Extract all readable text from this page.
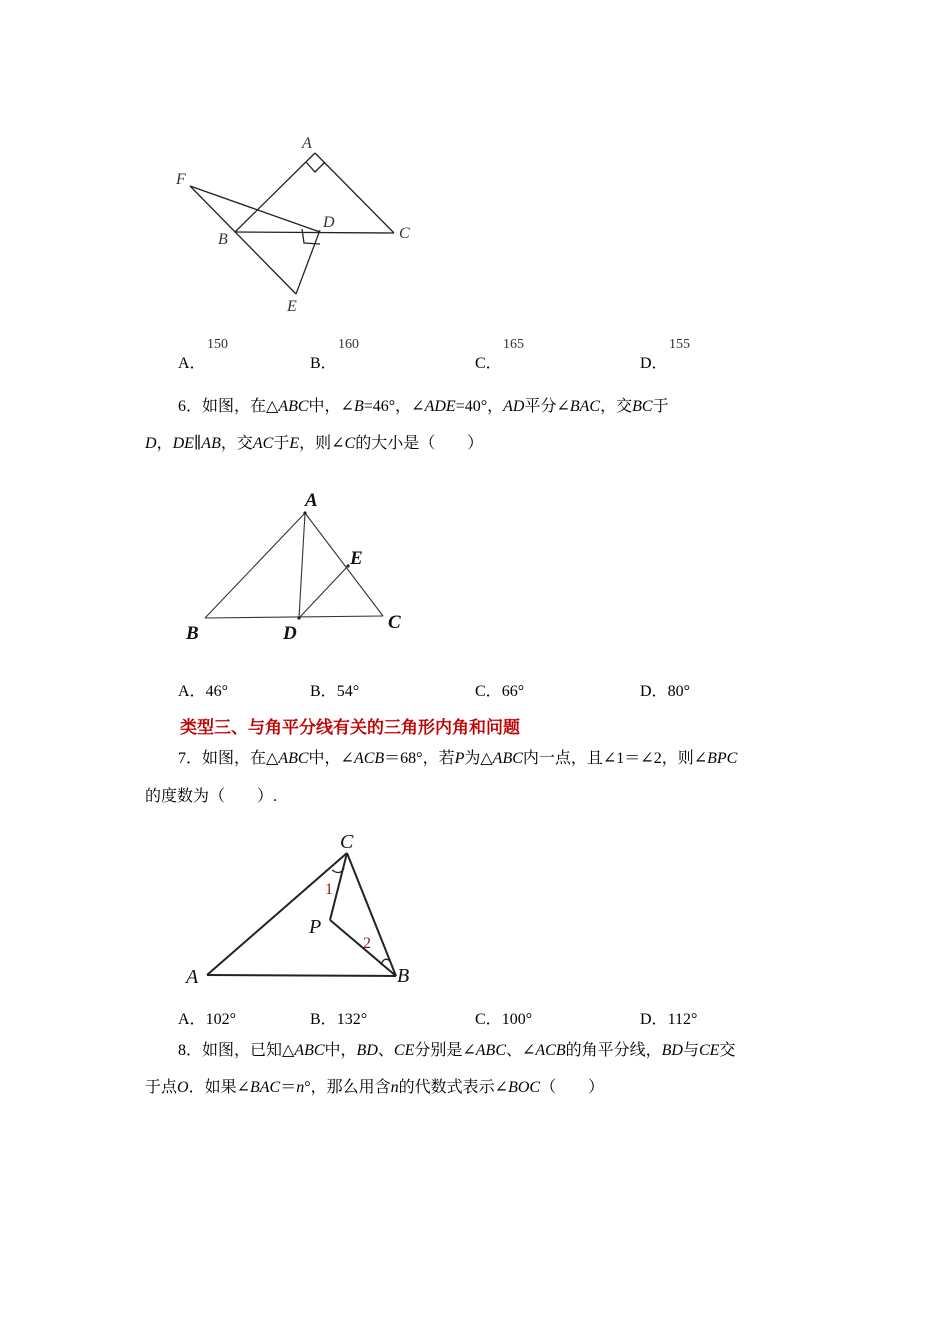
A
F
D
B	C
E
A．
150
B．
160
C．
165
D．
155
6．如图，在△ABC中，∠B=46°，∠ADE=40°，AD平分∠BAC，交BC于
D，DE∥AB，交AC于E，则∠C的大小是（　　）
A
E
B	D
C
A．46°	B．54°	C．66°	D．80°
类型三、与角平分线有关的三角形内角和问题
7．如图，在△ABC中，∠ACB＝68°，若P为△ABC内一点，且∠1＝∠2，则∠BPC
的度数为（　　）.
1
2
C
P
A	B
A．102°	B．132°	C．100°	D．112°
8．如图，已知△ABC中，BD、CE分别是∠ABC、∠ACB的角平分线，BD与CE交
于点O．如果∠BAC＝n°，那么用含n的代数式表示∠BOC（　　）
